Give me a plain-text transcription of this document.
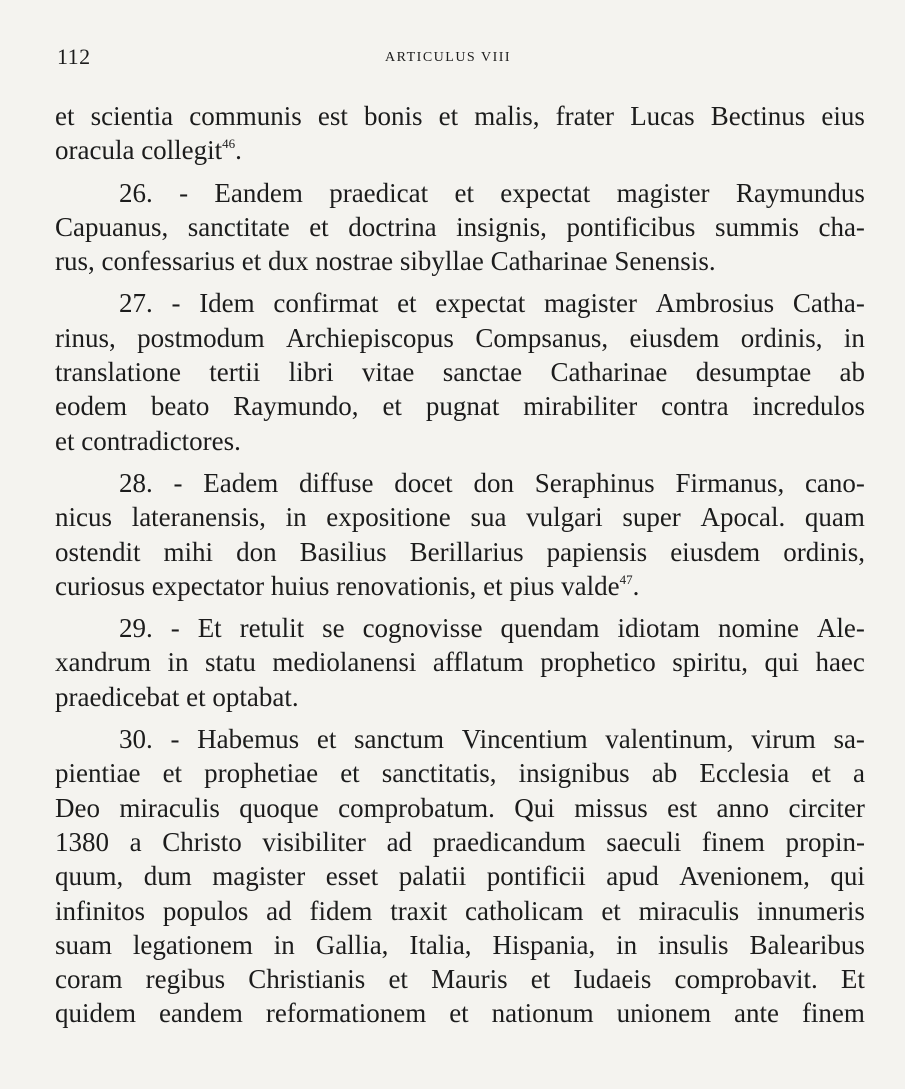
112	ARTICULUS VIII
et scientia communis est bonis et malis, frater Lucas Bectinus eius
oracula collegit$^{46}$.
26. - Eandem praedicat et expectat magister Raymundus
Capuanus, sanctitate et doctrina insignis, pontificibus summis cha-
rus, confessarius et dux nostrae sibyllae Catharinae Senensis.
27. - Idem confirmat et expectat magister Ambrosius Catha-
rinus, postmodum Archiepiscopus Compsanus, eiusdem ordinis, in
translatione tertii libri vitae sanctae Catharinae desumptae ab
eodem beato Raymundo, et pugnat mirabiliter contra incredulos
et contradictores.
28. - Eadem diffuse docet don Seraphinus Firmanus, cano-
nicus lateranensis, in expositione sua vulgari super Apocal. quam
ostendit mihi don Basilius Berillarius papiensis eiusdem ordinis,
curiosus expectator huius renovationis, et pius valde$^{47}$.
29. - Et retulit se cognovisse quendam idiotam nomine Ale-
xandrum in statu mediolanensi afflatum prophetico spiritu, qui haec
praedicebat et optabat.
30. - Habemus et sanctum Vincentium valentinum, virum sa-
pientiae et prophetiae et sanctitatis, insignibus ab Ecclesia et a
Deo miraculis quoque comprobatum. Qui missus est anno circiter
1380 a Christo visibiliter ad praedicandum saeculi finem propin-
quum, dum magister esset palatii pontificii apud Avenionem, qui
infinitos populos ad fidem traxit catholicam et miraculis innumeris
suam legationem in Gallia, Italia, Hispania, in insulis Balearibus
coram regibus Christianis et Mauris et Iudaeis comprobavit. Et
quidem eandem reformationem et nationum unionem ante finem
